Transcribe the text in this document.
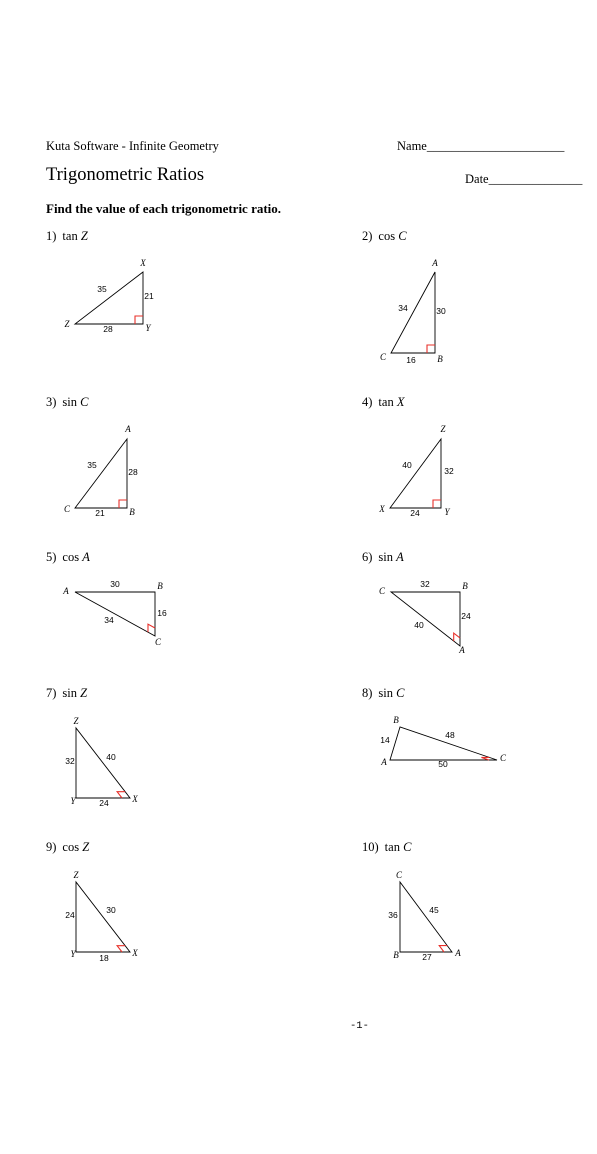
Kuta Software - Infinite Geometry	Name______________________
Trigonometric Ratios	Date_______________
Find the value of each trigonometric ratio.
1) tan Z
X
Z	Y
35
21
28
2) cos C
A
C	B
34	30
16
3) sin C
A
C	B
35
28
21
4) tan X
Z
X	Y
40
32
24
5) cos A
A	B
C
30
16
34
6) sin A
C	B
A
32
24
40
7) sin Z
Z
Y	X
32	40
24
8) sin C
B
A	C
14	48
50
9) cos Z
Z
Y	X
24	30
18
10) tan C
C
B	A
36	45
27
-1-
